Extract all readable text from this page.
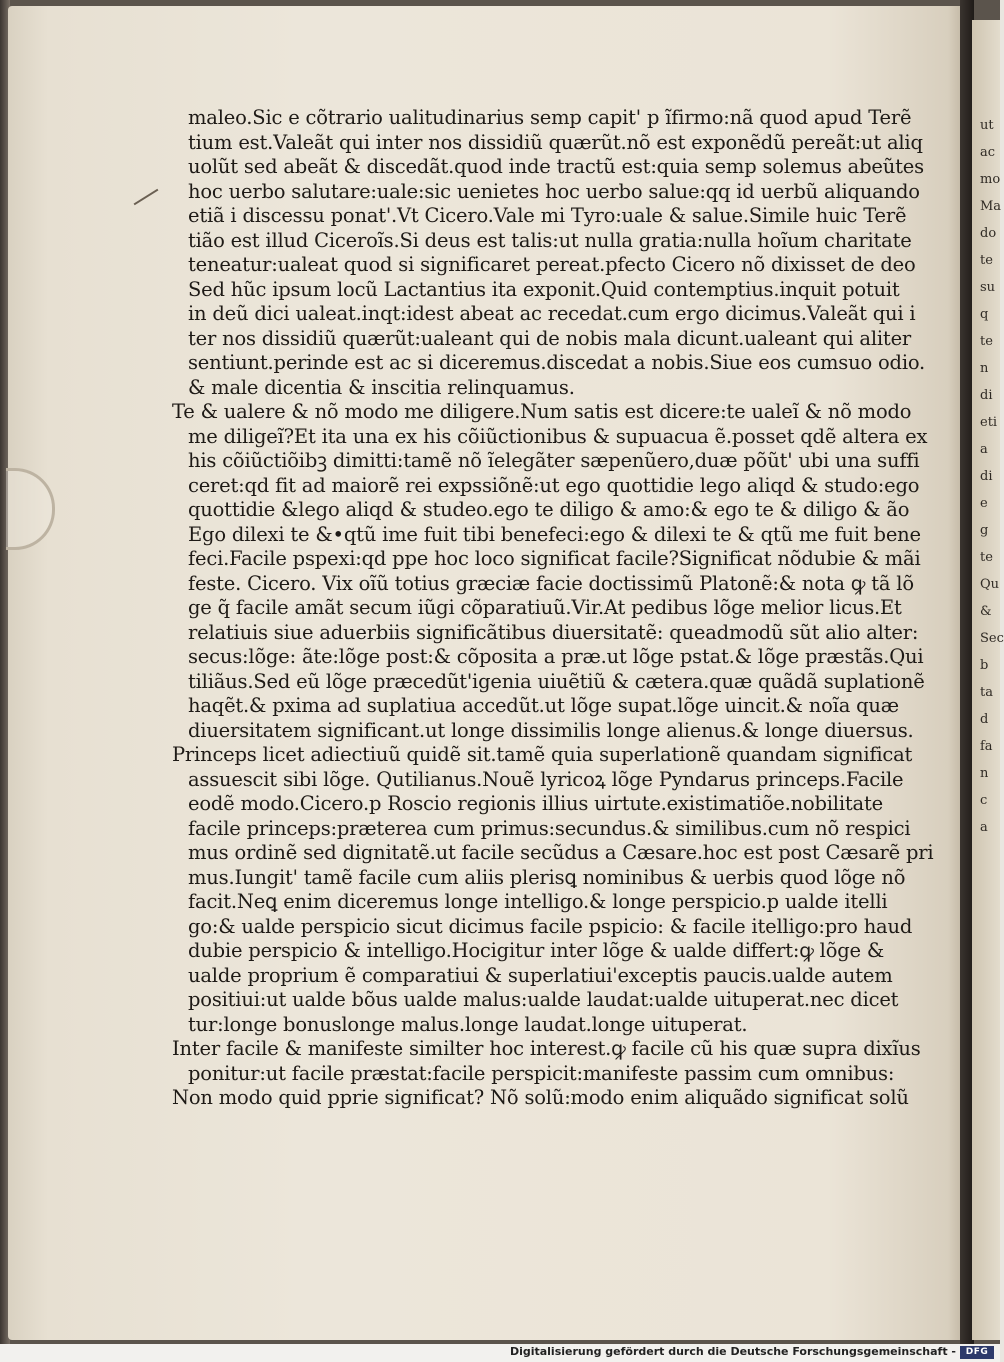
ut
ac
mo
Ma
do
te
su
q
te
n
di
eti
a
di
e
g
te
Qu
&
Sec
b
ta
d
fa
n
c
a
maleo.Sic e cõtrario ualitudinarius semp capit' p ĩfirmo:nã quod apud Terẽ
tium est.Valeãt qui inter nos dissidiũ quærũt.nõ est exponẽdũ pereãt:ut aliq
uolũt sed abeãt & discedãt.quod inde tractũ est:quia semp solemus abeũtes
hoc uerbo salutare:uale:sic uenietes hoc uerbo salue:qq id uerbũ aliquando
etiã i discessu ponat'.Vt Cicero.Vale mi Tyro:uale & salue.Simile huic Terẽ
tião est illud Ciceroĩs.Si deus est talis:ut nulla gratia:nulla hoĩum charitate
teneatur:ualeat quod si significaret pereat.pfecto Cicero nõ dixisset de deo
Sed hũc ipsum locũ Lactantius ita exponit.Quid contemptius.inquit potuit
in deũ dici ualeat.inqt:idest abeat ac recedat.cum ergo dicimus.Valeãt qui i
ter nos dissidiũ quærũt:ualeant qui de nobis mala dicunt.ualeant qui aliter
sentiunt.perinde est ac si diceremus.discedat a nobis.Siue eos cumsuo odio.
& male dicentia & inscitia relinquamus.
Te & ualere & nõ modo me diligere.Num satis est dicere:te ualeĩ & nõ modo
me diligeĩ?Et ita una ex his cõiũctionibus & supuacua ẽ.posset qdẽ altera ex
his cõiũctiõibꝫ dimitti:tamẽ nõ ĩelegãter sæpenũero,duæ põũt' ubi una suffi
ceret:qd fit ad maiorẽ rei expssiõnẽ:ut ego quottidie lego aliqd & studo:ego
quottidie &lego aliqd & studeo.ego te diligo & amo:& ego te & diligo & ão
Ego dilexi te &•qtũ ime fuit tibi benefeci:ego & dilexi te & qtũ me fuit bene
feci.Facile pspexi:qd ppe hoc loco significat facile?Significat nõdubie & mãi
feste. Cicero. Vix oĩũ totius græciæ facie doctissimũ Platonẽ:& nota ꝙ tã lõ
ge q̃ facile amãt secum iũgi cõparatiuũ.Vir.At pedibus lõge melior licus.Et
relatiuis siue aduerbiis significãtibus diuersitatẽ: queadmodũ sũt alio alter:
secus:lõge: ãte:lõge post:& cõposita a præ.ut lõge pstat.& lõge præstãs.Qui
tiliãus.Sed eũ lõge præcedũt'igenia uiuẽtiũ & cætera.quæ quãdã suplationẽ
haqẽt.& pxima ad suplatiua accedũt.ut lõge supat.lõge uincit.& noĩa quæ
diuersitatem significant.ut longe dissimilis longe alienus.& longe diuersus.
Princeps licet adiectiuũ quidẽ sit.tamẽ quia superlationẽ quandam significat
assuescit sibi lõge. Qutilianus.Nouẽ lyricoꝝ lõge Pyndarus princeps.Facile
eodẽ modo.Cicero.p Roscio regionis illius uirtute.existimatiõe.nobilitate
facile princeps:præterea cum primus:secundus.& similibus.cum nõ respici
mus ordinẽ sed dignitatẽ.ut facile secũdus a Cæsare.hoc est post Cæsarẽ pri
mus.Iungit' tamẽ facile cum aliis plerisꝗ nominibus & uerbis quod lõge nõ
facit.Neꝗ enim diceremus longe intelligo.& longe perspicio.p ualde itelli
go:& ualde perspicio sicut dicimus facile pspicio: & facile itelligo:pro haud
dubie perspicio & intelligo.Hocigitur inter lõge & ualde differt:ꝙ lõge &
ualde proprium ẽ comparatiui & superlatiui'exceptis paucis.ualde autem
positiui:ut ualde bõus ualde malus:ualde laudat:ualde uituperat.nec dicet
tur:longe bonuslonge malus.longe laudat.longe uituperat.
Inter facile & manifeste similter hoc interest.ꝙ facile cũ his quæ supra dixĩus
ponitur:ut facile præstat:facile perspicit:manifeste passim cum omnibus:
Non modo quid pprie significat? Nõ solũ:modo enim aliquãdo significat solũ
Digitalisierung gefördert durch die Deutsche Forschungsgemeinschaft -	DFG
